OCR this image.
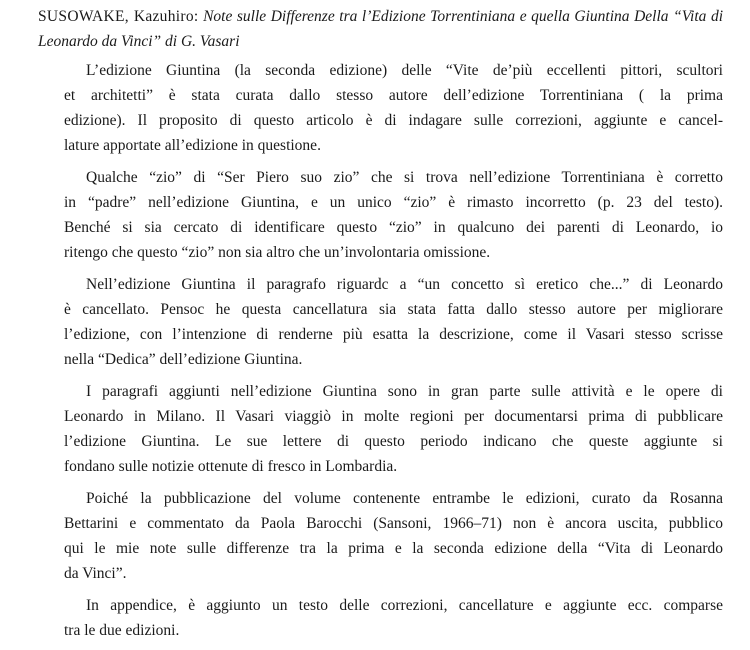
SUSOWAKE, Kazuhiro: Note sulle Differenze tra l’Edizione Torrentiniana e quella Giuntina Della “Vita di Leonardo da Vinci” di G. Vasari
L’edizione Giuntina (la seconda edizione) delle “Vite de’più eccellenti pittori, scultori
et architetti” è stata curata dallo stesso autore dell’edizione Torrentiniana ( la prima
edizione). Il proposito di questo articolo è di indagare sulle correzioni, aggiunte e cancel-
lature apportate all’edizione in questione.
Qualche “zio” di “Ser Piero suo zio” che si trova nell’edizione Torrentiniana è corretto
in “padre” nell’edizione Giuntina, e un unico “zio” è rimasto incorretto (p. 23 del testo).
Benché si sia cercato di identificare questo “zio” in qualcuno dei parenti di Leonardo, io
ritengo che questo “zio” non sia altro che un’involontaria omissione.
Nell’edizione Giuntina il paragrafo riguardc a “un concetto sì eretico che...” di Leonardo
è cancellato. Pensoc he questa cancellatura sia stata fatta dallo stesso autore per migliorare
l’edizione, con l’intenzione di renderne più esatta la descrizione, come il Vasari stesso scrisse
nella “Dedica” dell’edizione Giuntina.
I paragrafi aggiunti nell’edizione Giuntina sono in gran parte sulle attività e le opere di
Leonardo in Milano. Il Vasari viaggiò in molte regioni per documentarsi prima di pubblicare
l’edizione Giuntina. Le sue lettere di questo periodo indicano che queste aggiunte si
fondano sulle notizie ottenute di fresco in Lombardia.
Poiché la pubblicazione del volume contenente entrambe le edizioni, curato da Rosanna
Bettarini e commentato da Paola Barocchi (Sansoni, 1966–71) non è ancora uscita, pubblico
qui le mie note sulle differenze tra la prima e la seconda edizione della “Vita di Leonardo
da Vinci”.
In appendice, è aggiunto un testo delle correzioni, cancellature e aggiunte ecc. comparse
tra le due edizioni.
